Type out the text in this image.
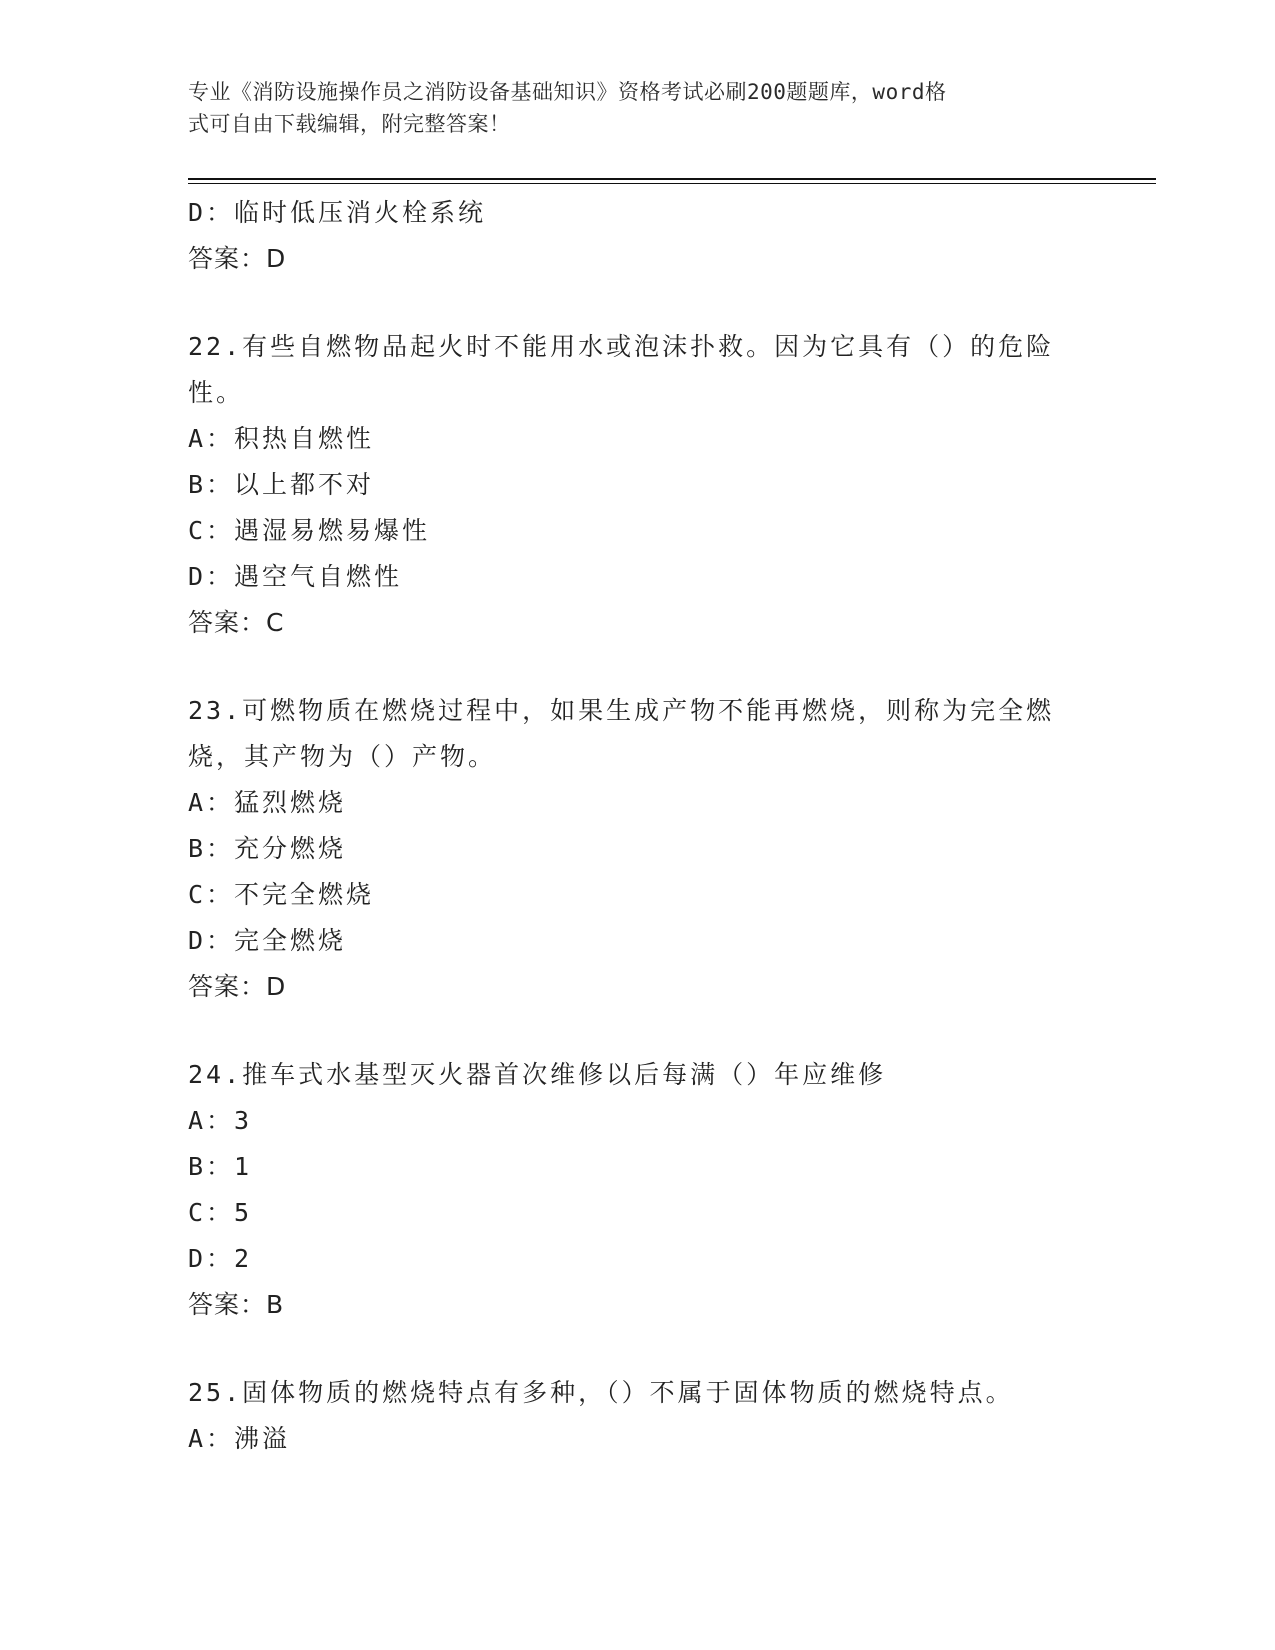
专业《消防设施操作员之消防设备基础知识》资格考试必刷200题题库，word格
式可自由下载编辑，附完整答案！
D：临时低压消火栓系统
答案：D
22.有些自燃物品起火时不能用水或泡沫扑救。因为它具有（）的危险
性。
A：积热自燃性
B：以上都不对
C：遇湿易燃易爆性
D：遇空气自燃性
答案：C
23.可燃物质在燃烧过程中，如果生成产物不能再燃烧，则称为完全燃
烧，其产物为（）产物。
A：猛烈燃烧
B：充分燃烧
C：不完全燃烧
D：完全燃烧
答案：D
24.推车式水基型灭火器首次维修以后每满（）年应维修
A：3
B：1
C：5
D：2
答案：B
25.固体物质的燃烧特点有多种，（）不属于固体物质的燃烧特点。
A：沸溢
